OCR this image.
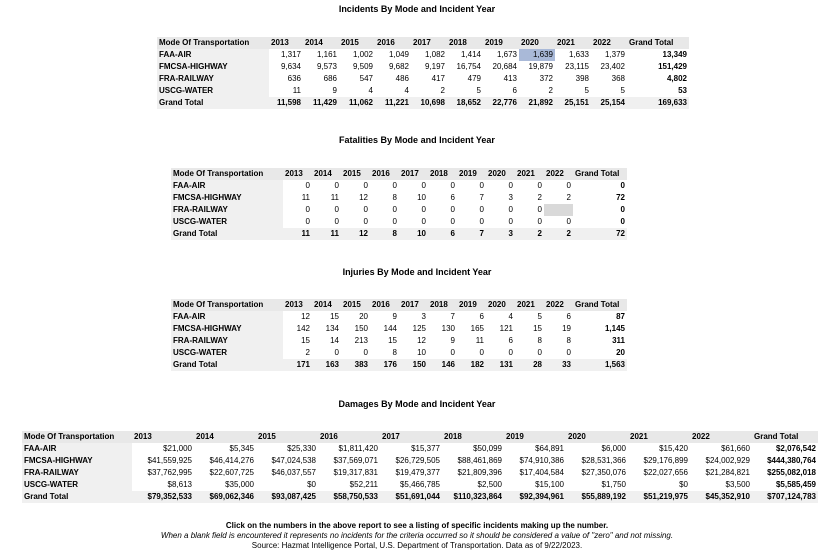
Incidents By Mode and Incident Year
Mode Of Transportation	2013	2014	2015	2016	2017	2018	2019	2020	2021	2022	Grand Total
FAA-AIR	1,317	1,161	1,002	1,049	1,082	1,414	1,673	1,639	1,633	1,379	13,349
FMCSA-HIGHWAY	9,634	9,573	9,509	9,682	9,197	16,754	20,684	19,879	23,115	23,402	151,429
FRA-RAILWAY	636	686	547	486	417	479	413	372	398	368	4,802
USCG-WATER	11	9	4	4	2	5	6	2	5	5	53
Grand Total	11,598	11,429	11,062	11,221	10,698	18,652	22,776	21,892	25,151	25,154	169,633
Fatalities By Mode and Incident Year
Mode Of Transportation	2013	2014	2015	2016	2017	2018	2019	2020	2021	2022	Grand Total
FAA-AIR	0	0	0	0	0	0	0	0	0	0	0
FMCSA-HIGHWAY	11	11	12	8	10	6	7	3	2	2	72
FRA-RAILWAY	0	0	0	0	0	0	0	0	0		0
USCG-WATER	0	0	0	0	0	0	0	0	0	0	0
Grand Total	11	11	12	8	10	6	7	3	2	2	72
Injuries By Mode and Incident Year
Mode Of Transportation	2013	2014	2015	2016	2017	2018	2019	2020	2021	2022	Grand Total
FAA-AIR	12	15	20	9	3	7	6	4	5	6	87
FMCSA-HIGHWAY	142	134	150	144	125	130	165	121	15	19	1,145
FRA-RAILWAY	15	14	213	15	12	9	11	6	8	8	311
USCG-WATER	2	0	0	8	10	0	0	0	0	0	20
Grand Total	171	163	383	176	150	146	182	131	28	33	1,563
Damages By Mode and Incident Year
Mode Of Transportation	2013	2014	2015	2016	2017	2018	2019	2020	2021	2022	Grand Total
FAA-AIR	$21,000	$5,345	$25,330	$1,811,420	$15,377	$50,099	$64,891	$6,000	$15,420	$61,660	$2,076,542
FMCSA-HIGHWAY	$41,559,925	$46,414,276	$47,024,538	$37,569,071	$26,729,505	$88,461,869	$74,910,386	$28,531,366	$29,176,899	$24,002,929	$444,380,764
FRA-RAILWAY	$37,762,995	$22,607,725	$46,037,557	$19,317,831	$19,479,377	$21,809,396	$17,404,584	$27,350,076	$22,027,656	$21,284,821	$255,082,018
USCG-WATER	$8,613	$35,000	$0	$52,211	$5,466,785	$2,500	$15,100	$1,750	$0	$3,500	$5,585,459
Grand Total	$79,352,533	$69,062,346	$93,087,425	$58,750,533	$51,691,044	$110,323,864	$92,394,961	$55,889,192	$51,219,975	$45,352,910	$707,124,783
Click on the numbers in the above report to see a listing of specific incidents making up the number.
When a blank field is encountered it represents no incidents for the criteria occurred so it should be considered a value of "zero" and not missing.
Source: Hazmat Intelligence Portal, U.S. Department of Transportation. Data as of 9/22/2023.
